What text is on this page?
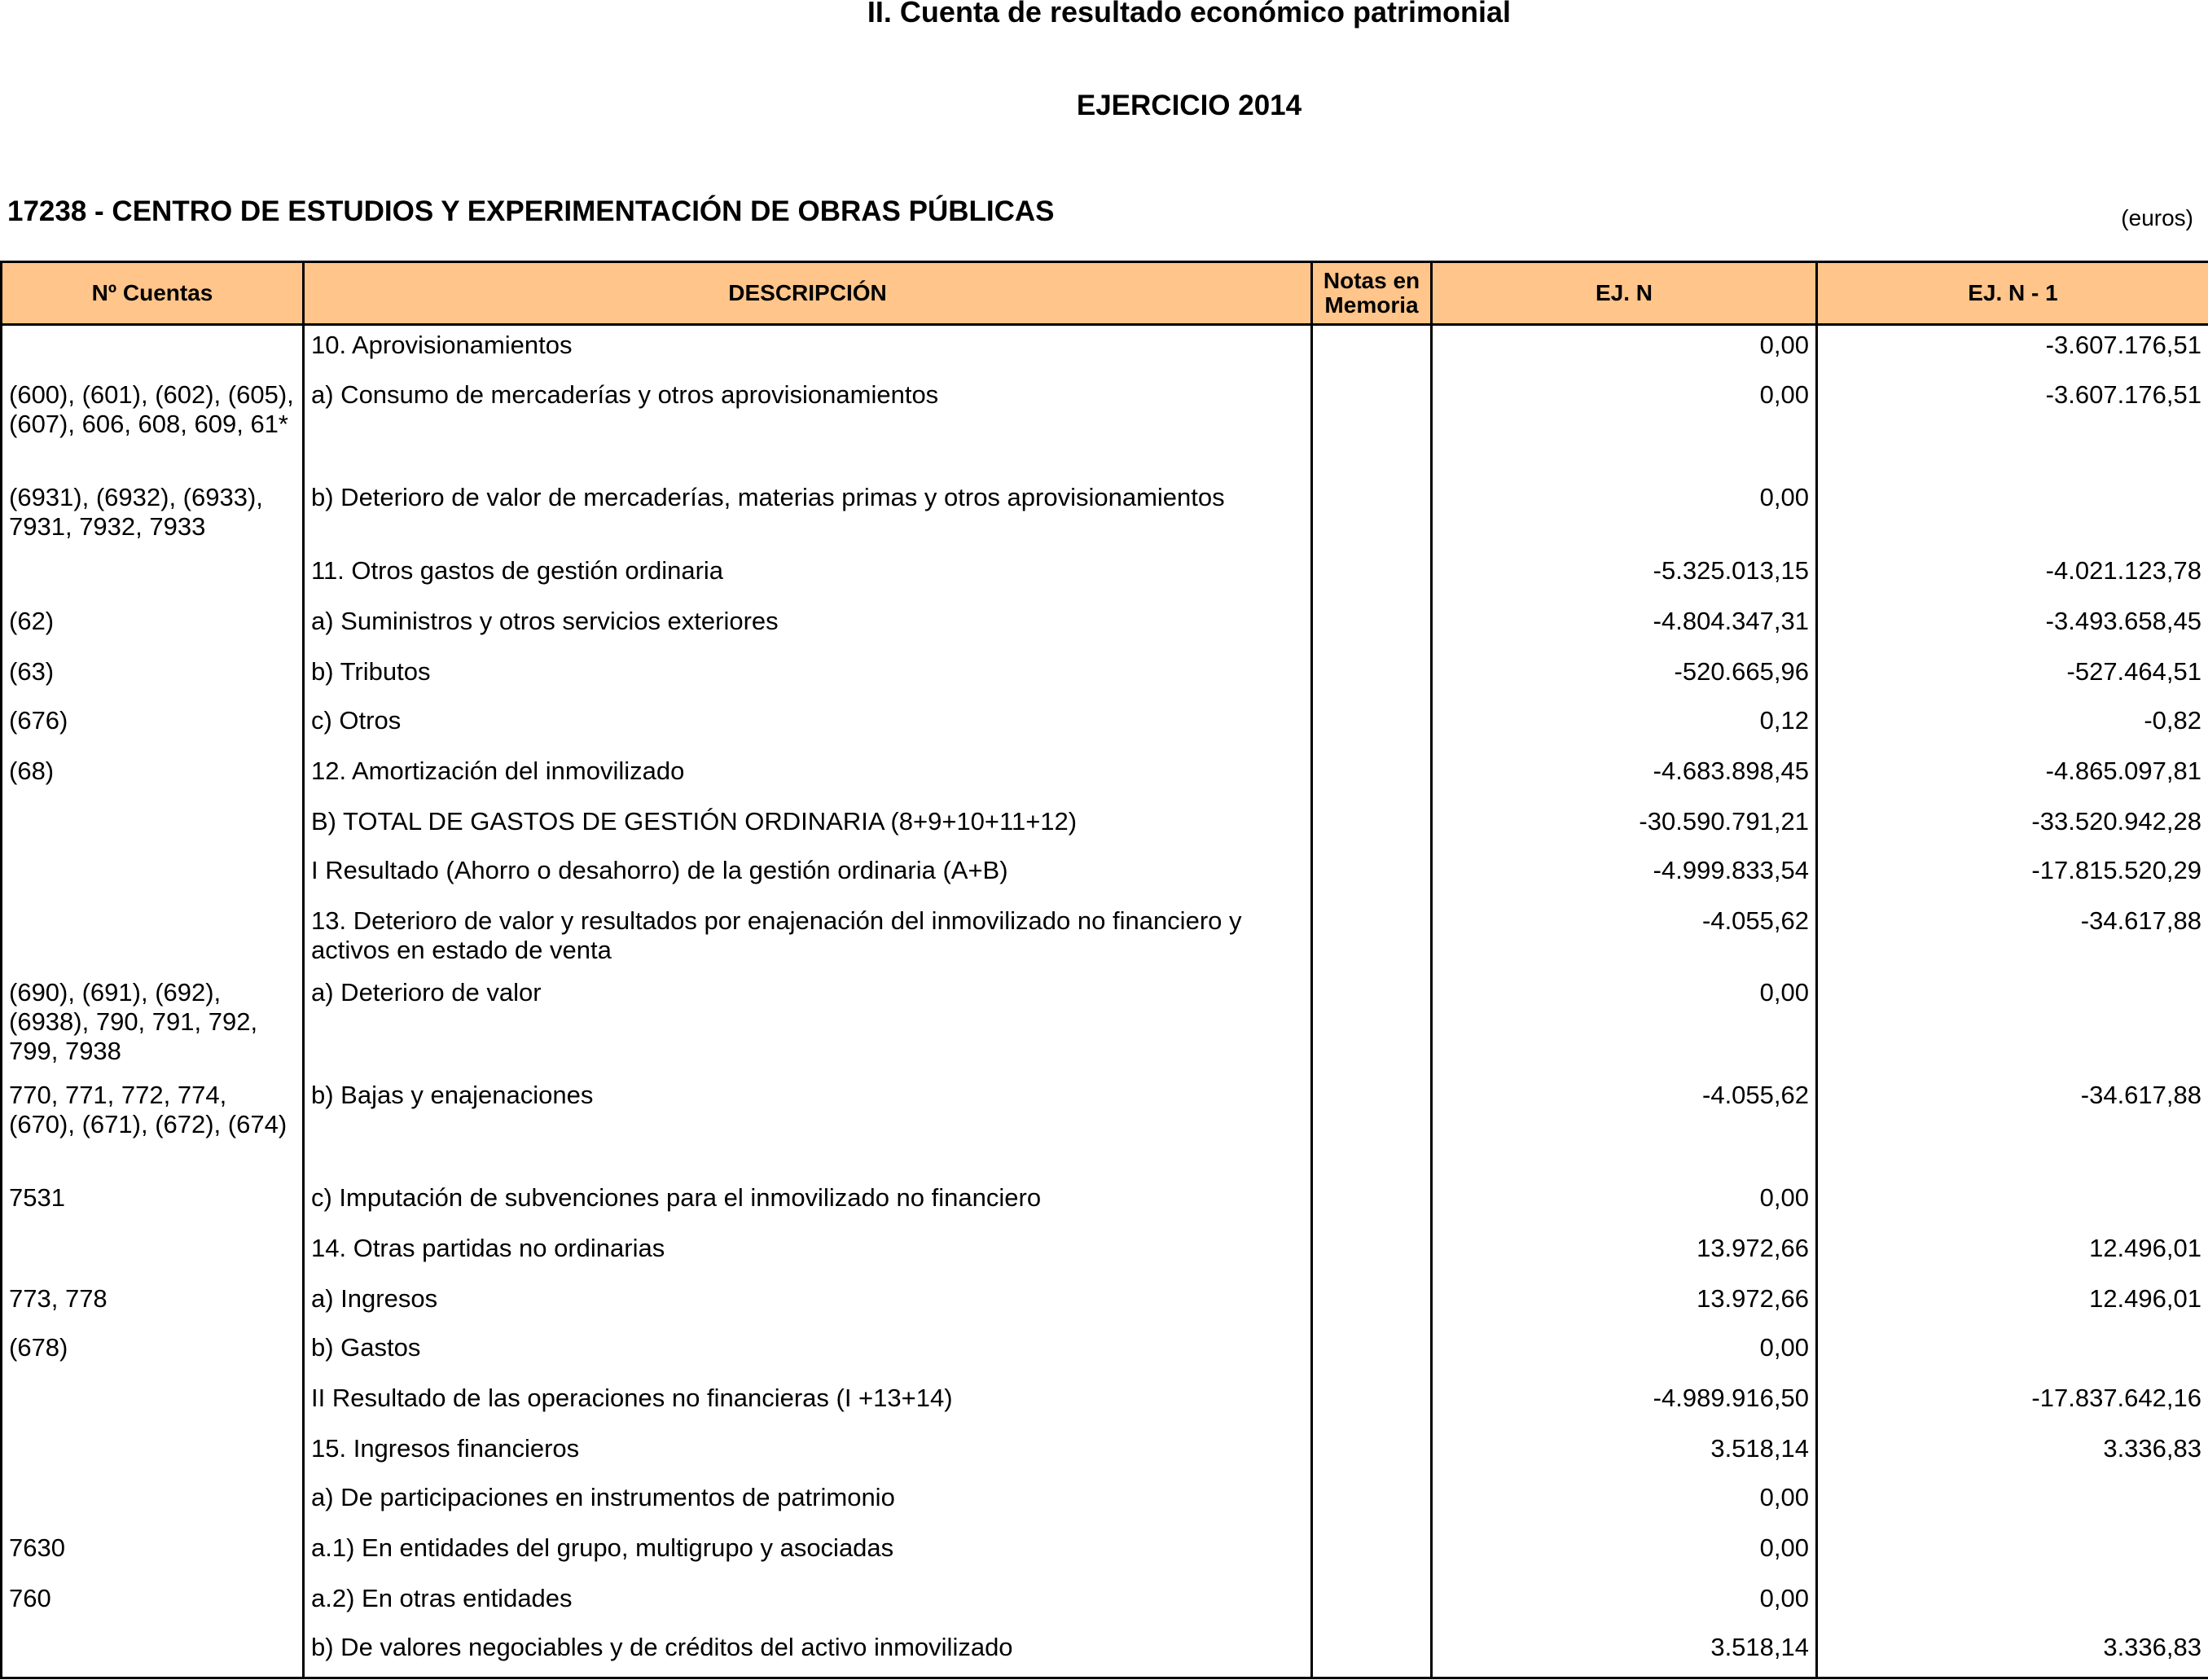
II. Cuenta de resultado económico patrimonial
EJERCICIO 2014
17238 - CENTRO DE ESTUDIOS Y EXPERIMENTACIÓN DE OBRAS PÚBLICAS	(euros)
Nº Cuentas	DESCRIPCIÓN	Notas en Memoria	EJ. N	EJ. N - 1
	10. Aprovisionamientos		0,00	-3.607.176,51
(600), (601), (602), (605), (607), 606, 608, 609, 61*	a) Consumo de mercaderías y otros aprovisionamientos		0,00	-3.607.176,51
(6931), (6932), (6933), 7931, 7932, 7933	b) Deterioro de valor de mercaderías, materias primas y otros aprovisionamientos		0,00	
	11. Otros gastos de gestión ordinaria		-5.325.013,15	-4.021.123,78
(62)	a) Suministros y otros servicios exteriores		-4.804.347,31	-3.493.658,45
(63)	b) Tributos		-520.665,96	-527.464,51
(676)	c) Otros		0,12	-0,82
(68)	12. Amortización del inmovilizado		-4.683.898,45	-4.865.097,81
	B) TOTAL DE GASTOS DE GESTIÓN ORDINARIA (8+9+10+11+12)		-30.590.791,21	-33.520.942,28
	I Resultado (Ahorro o desahorro) de la gestión ordinaria (A+B)		-4.999.833,54	-17.815.520,29
	13. Deterioro de valor y resultados por enajenación del inmovilizado no financiero y activos en estado de venta		-4.055,62	-34.617,88
(690), (691), (692), (6938), 790, 791, 792, 799, 7938	a) Deterioro de valor		0,00	
770, 771, 772, 774, (670), (671), (672), (674)	b) Bajas y enajenaciones		-4.055,62	-34.617,88
7531	c) Imputación de subvenciones para el inmovilizado no financiero		0,00	
	14. Otras partidas no ordinarias		13.972,66	12.496,01
773, 778	a) Ingresos		13.972,66	12.496,01
(678)	b) Gastos		0,00	
	II Resultado de las operaciones no financieras (I +13+14)		-4.989.916,50	-17.837.642,16
	15. Ingresos financieros		3.518,14	3.336,83
	a) De participaciones en instrumentos de patrimonio		0,00	
7630	a.1) En entidades del grupo, multigrupo y asociadas		0,00	
760	a.2) En otras entidades		0,00	
	b) De valores negociables y de créditos del activo inmovilizado		3.518,14	3.336,83
